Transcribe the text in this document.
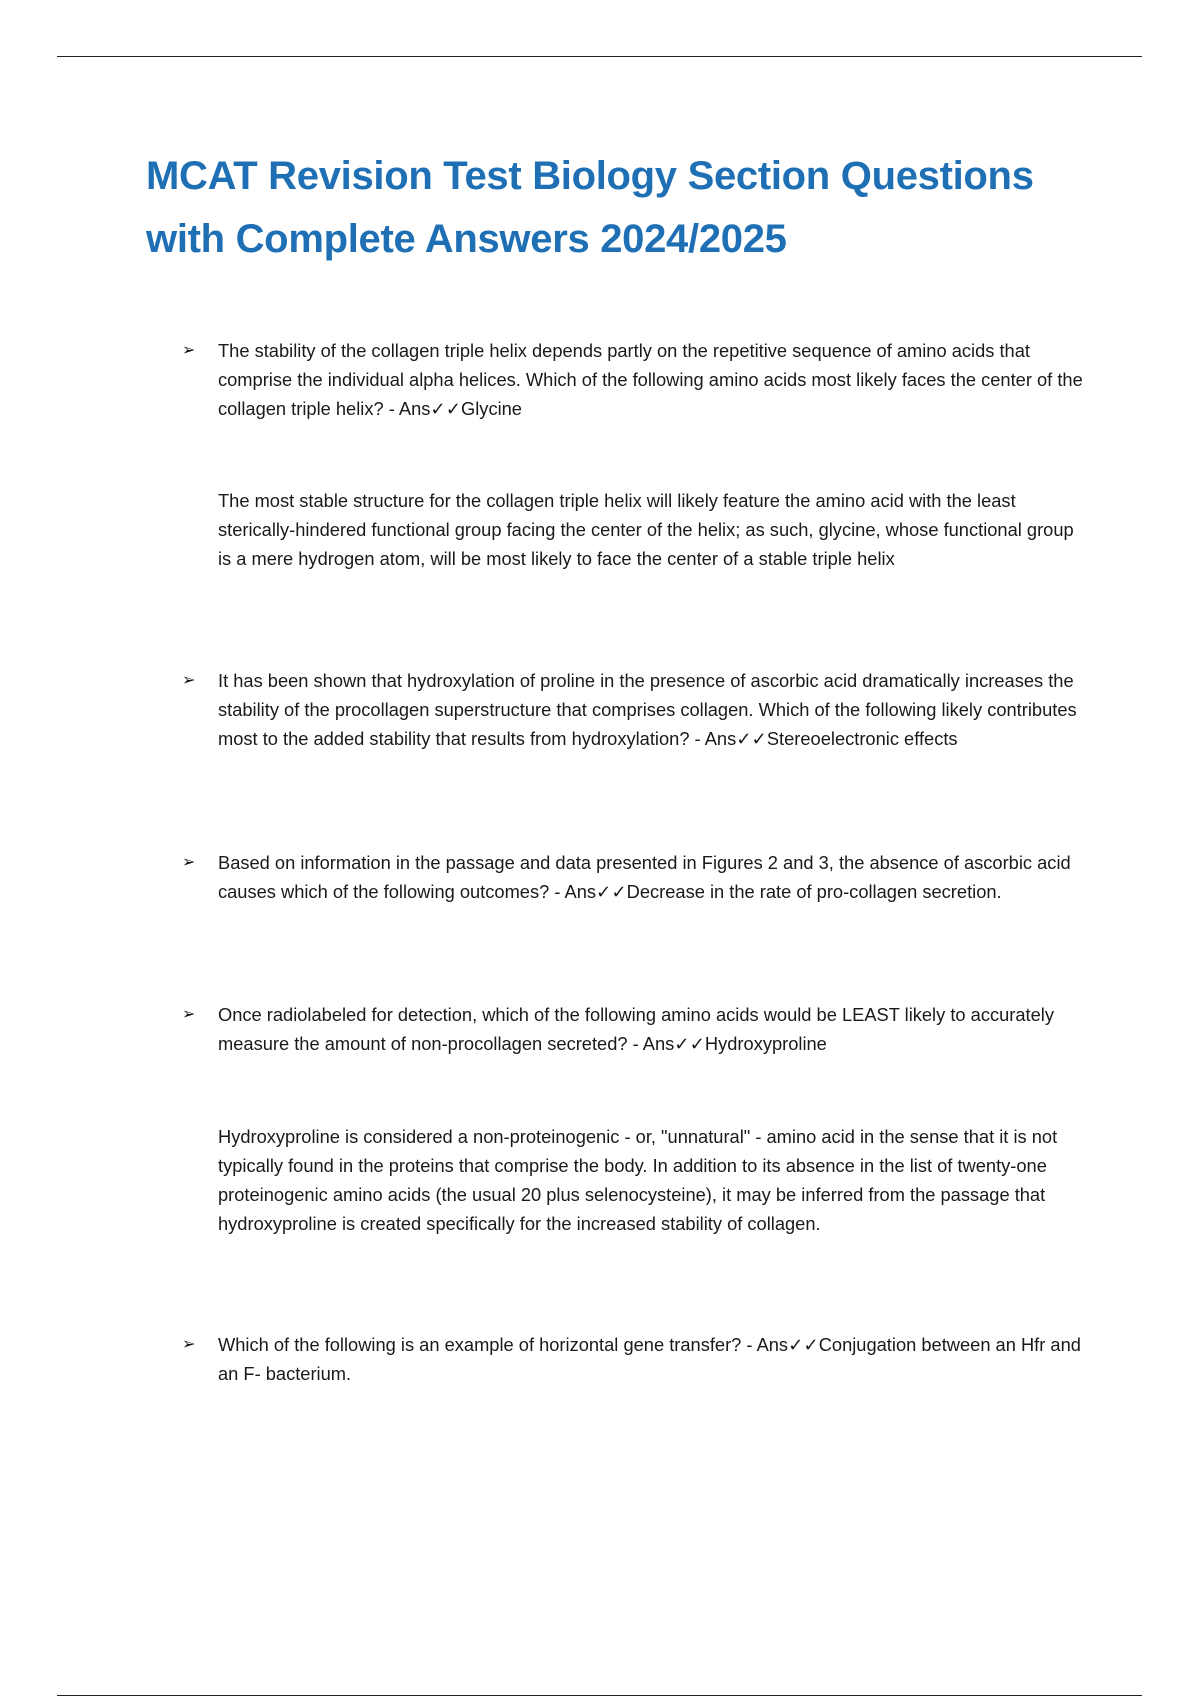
MCAT Revision Test Biology Section Questions with Complete Answers 2024/2025
➢ The stability of the collagen triple helix depends partly on the repetitive sequence of amino acids that comprise the individual alpha helices. Which of the following amino acids most likely faces the center of the collagen triple helix? - Ans✓✓Glycine
The most stable structure for the collagen triple helix will likely feature the amino acid with the least sterically-hindered functional group facing the center of the helix; as such, glycine, whose functional group is a mere hydrogen atom, will be most likely to face the center of a stable triple helix
➢ It has been shown that hydroxylation of proline in the presence of ascorbic acid dramatically increases the stability of the procollagen superstructure that comprises collagen. Which of the following likely contributes most to the added stability that results from hydroxylation? - Ans✓✓Stereoelectronic effects
➢ Based on information in the passage and data presented in Figures 2 and 3, the absence of ascorbic acid causes which of the following outcomes? - Ans✓✓Decrease in the rate of pro-collagen secretion.
➢ Once radiolabeled for detection, which of the following amino acids would be LEAST likely to accurately measure the amount of non-procollagen secreted? - Ans✓✓Hydroxyproline
Hydroxyproline is considered a non-proteinogenic - or, "unnatural" - amino acid in the sense that it is not typically found in the proteins that comprise the body. In addition to its absence in the list of twenty-one proteinogenic amino acids (the usual 20 plus selenocysteine), it may be inferred from the passage that hydroxyproline is created specifically for the increased stability of collagen.
➢ Which of the following is an example of horizontal gene transfer? - Ans✓✓Conjugation between an Hfr and an F- bacterium.
